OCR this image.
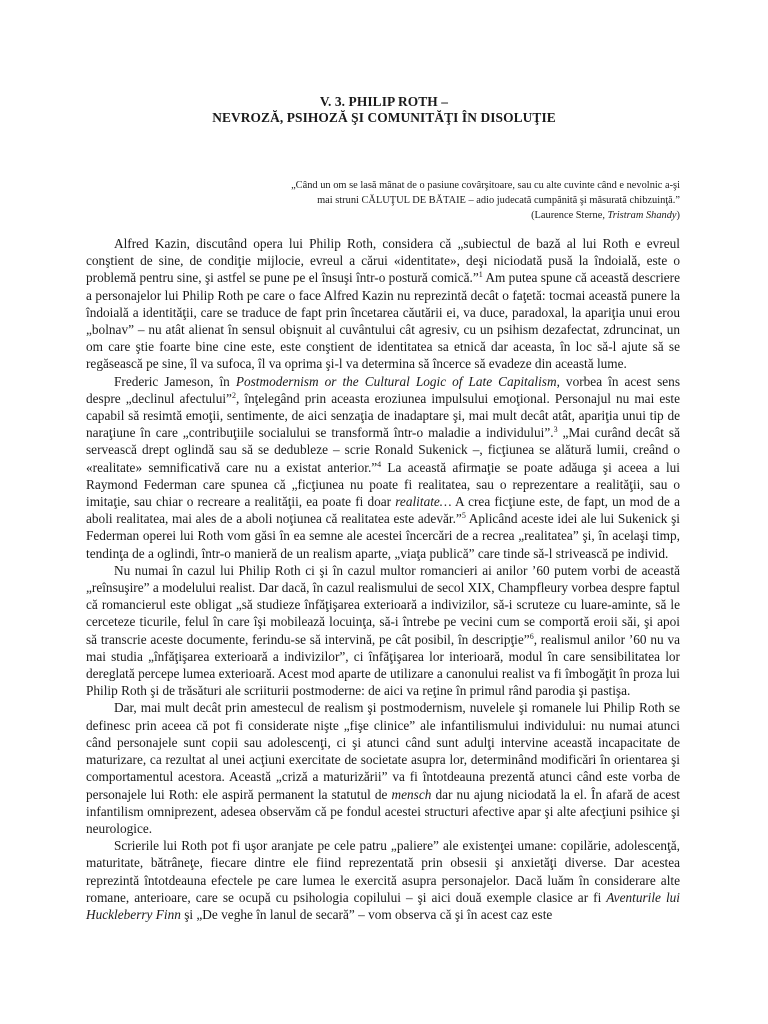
V. 3. PHILIP ROTH –
NEVROZĂ, PSIHOZĂ ŞI COMUNITĂŢI ÎN DISOLUŢIE
„Când un om se lasă mânat de o pasiune covârşitoare, sau cu alte cuvinte când e nevolnic a-şi
mai struni CĂLUŢUL DE BĂTAIE – adio judecată cumpănită şi măsurată chibzuinţă.”
(Laurence Sterne, Tristram Shandy)

Alfred Kazin, discutând opera lui Philip Roth, considera că „subiectul de bază al lui Roth e evreul conştient de sine, de condiţie mijlocie, evreul a cărui «identitate», deşi niciodată pusă la îndoială, este o problemă pentru sine, şi astfel se pune pe el însuşi într-o postură comică.”$^1$ Am putea spune că această descriere a personajelor lui Philip Roth pe care o face Alfred Kazin nu reprezintă decât o faţetă: tocmai această punere la îndoială a identităţii, care se traduce de fapt prin încetarea căutării ei, va duce, paradoxal, la apariţia unui erou „bolnav” – nu atât alienat în sensul obişnuit al cuvântului cât agresiv, cu un psihism dezafectat, zdruncinat, un om care ştie foarte bine cine este, este conştient de identitatea sa etnică dar aceasta, în loc să-l ajute să se regăsească pe sine, îl va sufoca, îl va oprima şi-l va determina să încerce să evadeze din această lume.

Frederic Jameson, în Postmodernism or the Cultural Logic of Late Capitalism, vorbea în acest sens despre „declinul afectului”$^2$, înţelegând prin aceasta eroziunea impulsului emoţional. Personajul nu mai este capabil să resimtă emoţii, sentimente, de aici senzaţia de inadaptare şi, mai mult decât atât, apariţia unui tip de naraţiune în care „contribuţiile socialului se transformă într-o maladie a individului”.$^3$ „Mai curând decât să servească drept oglindă sau să se dedubleze – scrie Ronald Sukenick –, ficţiunea se alătură lumii, creând o «realitate» semnificativă care nu a existat anterior.”$^4$ La această afirmaţie se poate adăuga şi aceea a lui Raymond Federman care spunea că „ficţiunea nu poate fi realitatea, sau o reprezentare a realităţii, sau o imitaţie, sau chiar o recreare a realităţii, ea poate fi doar realitate… A crea ficţiune este, de fapt, un mod de a aboli realitatea, mai ales de a aboli noţiunea că realitatea este adevăr.”$^5$ Aplicând aceste idei ale lui Sukenick şi Federman operei lui Roth vom găsi în ea semne ale acestei încercări de a recrea „realitatea” şi, în acelaşi timp, tendinţa de a oglindi, într-o manieră de un realism aparte, „viaţa publică” care tinde să-l strivească pe individ.

Nu numai în cazul lui Philip Roth ci şi în cazul multor romancieri ai anilor ’60 putem vorbi de această „reînsuşire” a modelului realist. Dar dacă, în cazul realismului de secol XIX, Champfleury vorbea despre faptul că romancierul este obligat „să studieze înfăţişarea exterioară a indivizilor, să-i scruteze cu luare-aminte, să le cerceteze ticurile, felul în care îşi mobilează locuinţa, să-i întrebe pe vecini cum se comportă eroii săi, şi apoi să transcrie aceste documente, ferindu-se să intervină, pe cât posibil, în descripţie”$^6$, realismul anilor ’60 nu va mai studia „înfăţişarea exterioară a indivizilor”, ci înfăţişarea lor interioară, modul în care sensibilitatea lor dereglată percepe lumea exterioară. Acest mod aparte de utilizare a canonului realist va fi îmbogăţit în proza lui Philip Roth şi de trăsături ale scriiturii postmoderne: de aici va reţine în primul rând parodia şi pastişa.

Dar, mai mult decât prin amestecul de realism şi postmodernism, nuvelele şi romanele lui Philip Roth se definesc prin aceea că pot fi considerate nişte „fişe clinice” ale infantilismului individului: nu numai atunci când personajele sunt copii sau adolescenţi, ci şi atunci când sunt adulţi intervine această incapacitate de maturizare, ca rezultat al unei acţiuni exercitate de societate asupra lor, determinând modificări în orientarea şi comportamentul acestora. Această „criză a maturizării” va fi întotdeauna prezentă atunci când este vorba de personajele lui Roth: ele aspiră permanent la statutul de mensch dar nu ajung niciodată la el. În afară de acest infantilism omniprezent, adesea observăm că pe fondul acestei structuri afective apar şi alte afecţiuni psihice şi neurologice.

Scrierile lui Roth pot fi uşor aranjate pe cele patru „paliere” ale existenţei umane: copilărie, adolescenţă, maturitate, bătrâneţe, fiecare dintre ele fiind reprezentată prin obsesii şi anxietăţi diverse. Dar acestea reprezintă întotdeauna efectele pe care lumea le exercită asupra personajelor. Dacă luăm în considerare alte romane, anterioare, care se ocupă cu psihologia copilului – şi aici două exemple clasice ar fi Aventurile lui Huckleberry Finn şi „De veghe în lanul de secară” – vom observa că şi în acest caz este
